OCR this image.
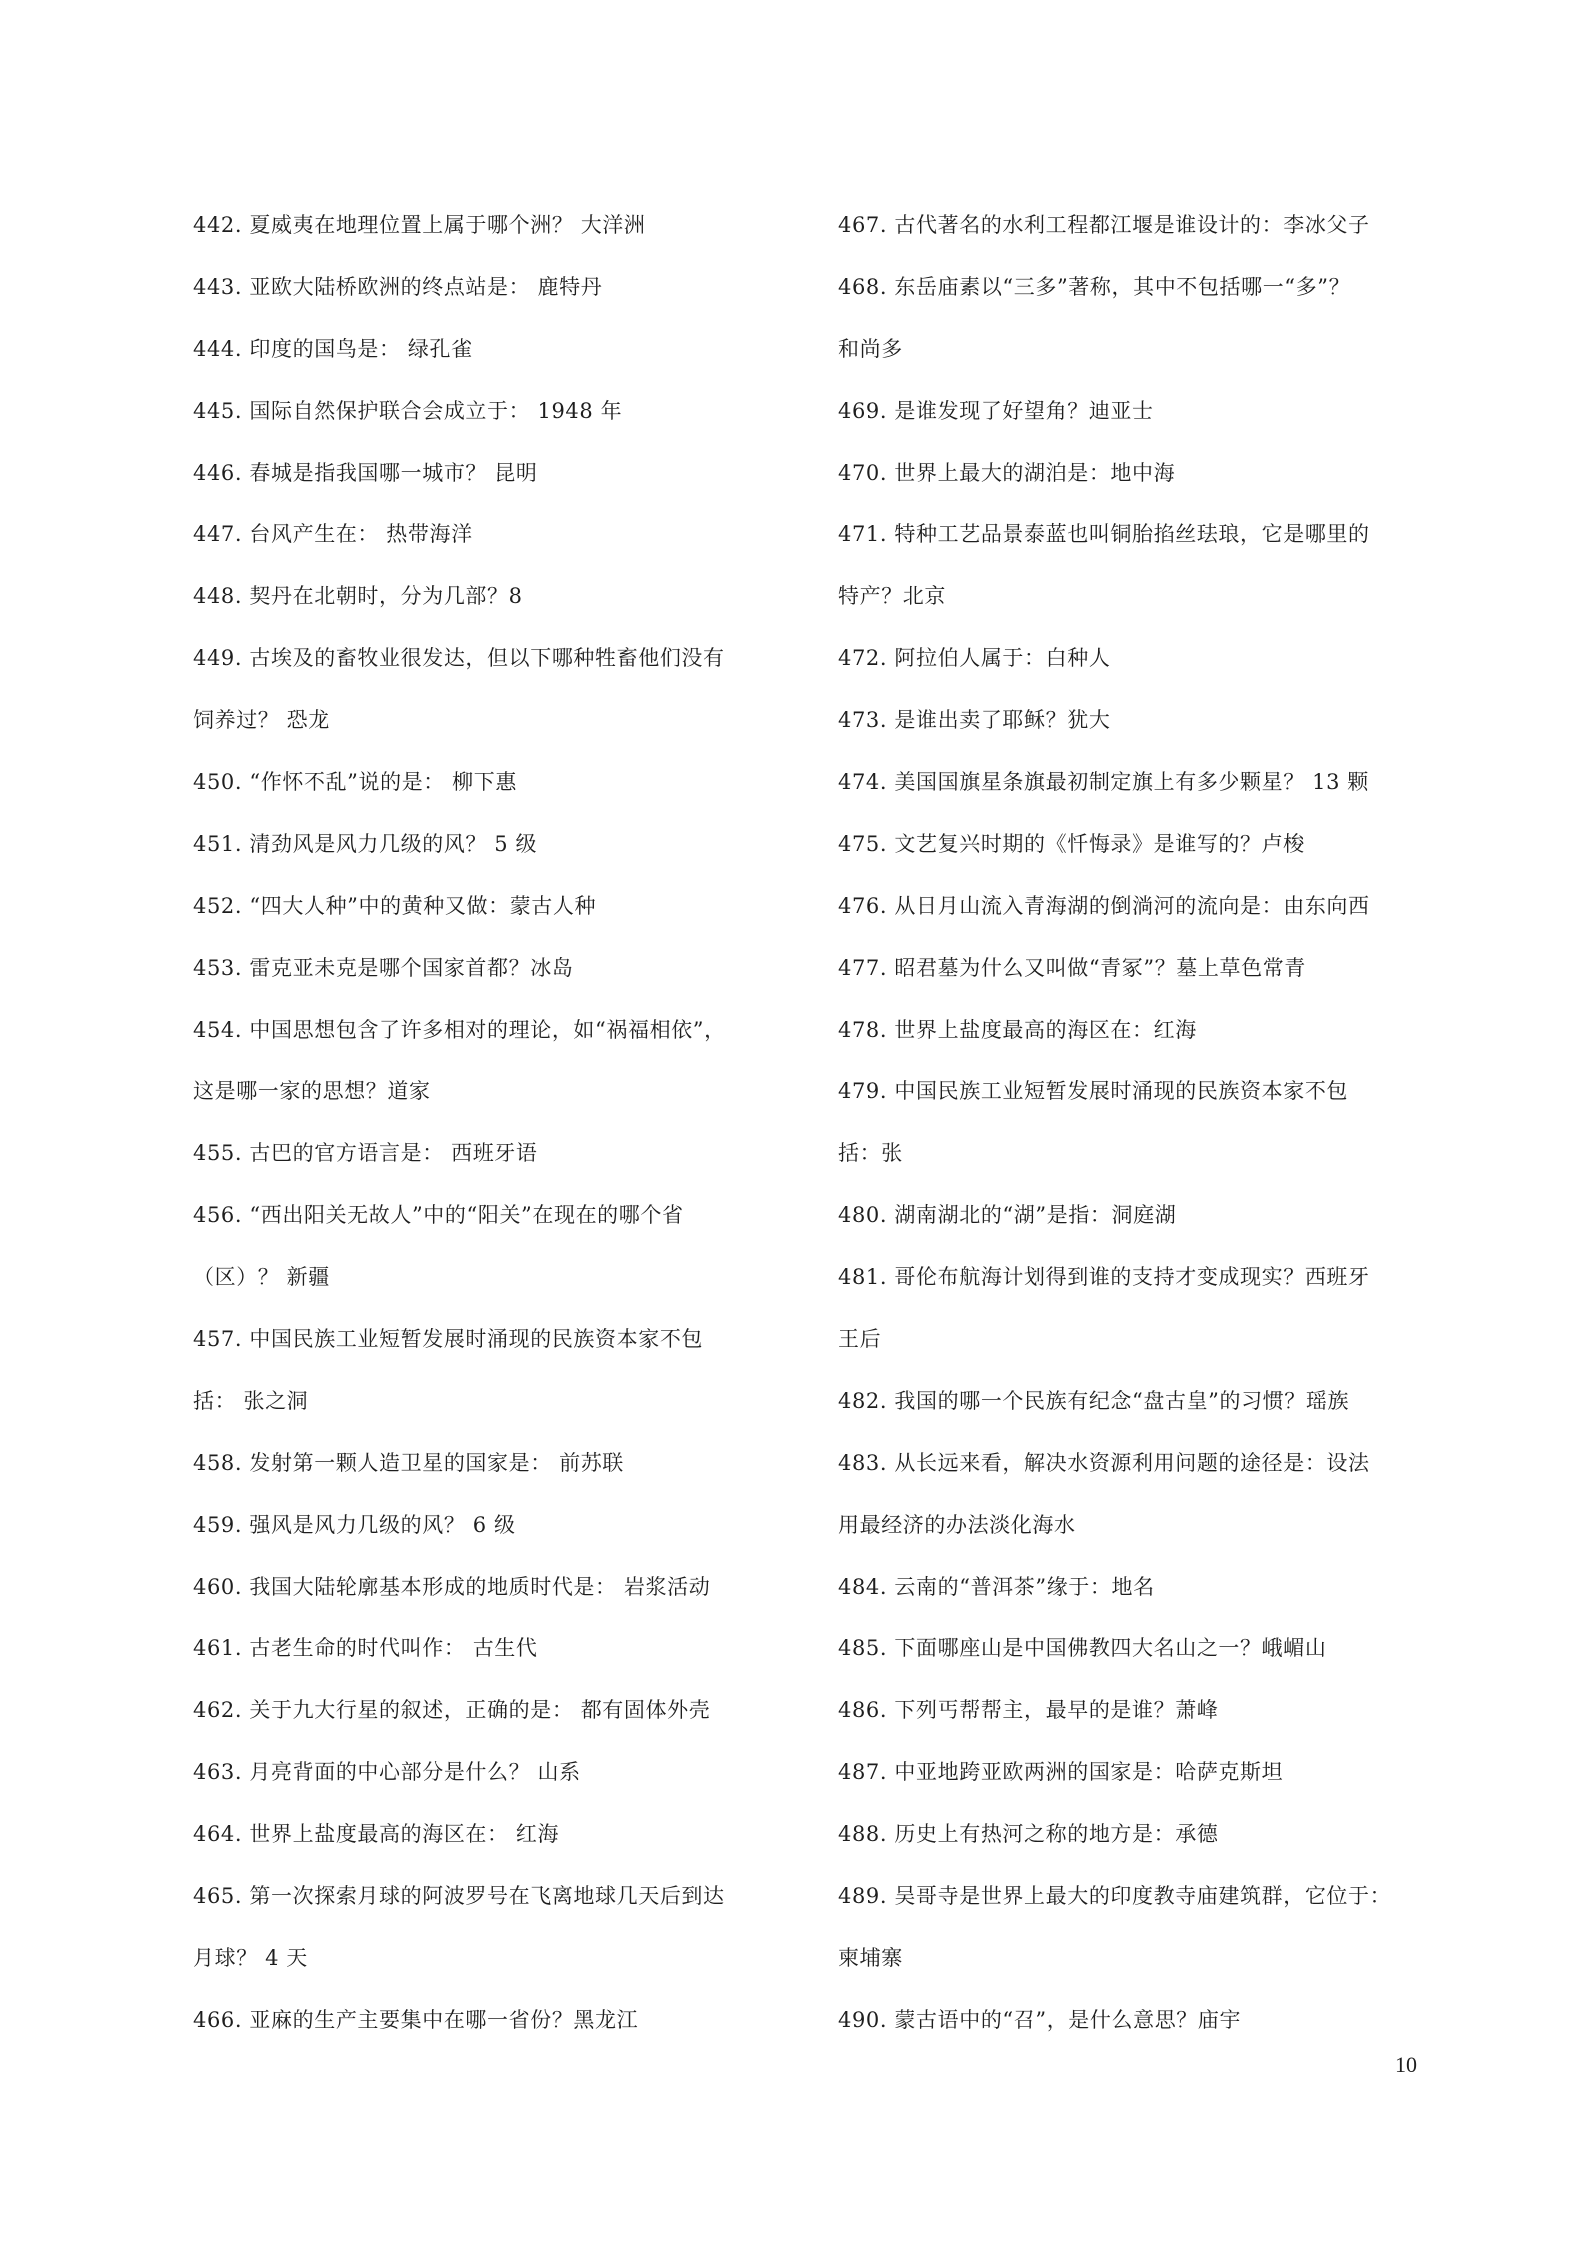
442. 夏威夷在地理位置上属于哪个洲？ 大洋洲
443. 亚欧大陆桥欧洲的终点站是： 鹿特丹
444. 印度的国鸟是： 绿孔雀
445. 国际自然保护联合会成立于： 1948 年
446. 春城是指我国哪一城市？ 昆明
447. 台风产生在： 热带海洋
448. 契丹在北朝时，分为几部？8
449. 古埃及的畜牧业很发达，但以下哪种牲畜他们没有
饲养过？ 恐龙
450. “作怀不乱”说的是： 柳下惠
451. 清劲风是风力几级的风？ 5 级
452. “四大人种”中的黄种又做：蒙古人种
453. 雷克亚未克是哪个国家首都？冰岛
454. 中国思想包含了许多相对的理论，如“祸福相依”，
这是哪一家的思想？道家
455. 古巴的官方语言是： 西班牙语
456. “西出阳关无故人”中的“阳关”在现在的哪个省
（区）？ 新疆
457. 中国民族工业短暂发展时涌现的民族资本家不包
括： 张之洞
458. 发射第一颗人造卫星的国家是： 前苏联
459. 强风是风力几级的风？ 6 级
460. 我国大陆轮廓基本形成的地质时代是： 岩浆活动
461. 古老生命的时代叫作： 古生代
462. 关于九大行星的叙述，正确的是： 都有固体外壳
463. 月亮背面的中心部分是什么？ 山系
464. 世界上盐度最高的海区在： 红海
465. 第一次探索月球的阿波罗号在飞离地球几天后到达
月球？ 4 天
466. 亚麻的生产主要集中在哪一省份？黑龙江
467. 古代著名的水利工程都江堰是谁设计的：李冰父子
468. 东岳庙素以“三多”著称，其中不包括哪一“多”？
和尚多
469. 是谁发现了好望角？迪亚士
470. 世界上最大的湖泊是：地中海
471. 特种工艺品景泰蓝也叫铜胎掐丝珐琅，它是哪里的
特产？北京
472. 阿拉伯人属于：白种人
473. 是谁出卖了耶稣？犹大
474. 美国国旗星条旗最初制定旗上有多少颗星？ 13 颗
475. 文艺复兴时期的《忏悔录》是谁写的？卢梭
476. 从日月山流入青海湖的倒淌河的流向是：由东向西
477. 昭君墓为什么又叫做“青冢”？墓上草色常青
478. 世界上盐度最高的海区在：红海
479. 中国民族工业短暂发展时涌现的民族资本家不包
括：张
480. 湖南湖北的“湖”是指：洞庭湖
481. 哥伦布航海计划得到谁的支持才变成现实？西班牙
王后
482. 我国的哪一个民族有纪念“盘古皇”的习惯？瑶族
483. 从长远来看，解决水资源利用问题的途径是：设法
用最经济的办法淡化海水
484. 云南的“普洱茶”缘于：地名
485. 下面哪座山是中国佛教四大名山之一？峨嵋山
486. 下列丐帮帮主，最早的是谁？萧峰
487. 中亚地跨亚欧两洲的国家是：哈萨克斯坦
488. 历史上有热河之称的地方是：承德
489. 吴哥寺是世界上最大的印度教寺庙建筑群，它位于：
柬埔寨
490. 蒙古语中的“召”，是什么意思？庙宇
10
